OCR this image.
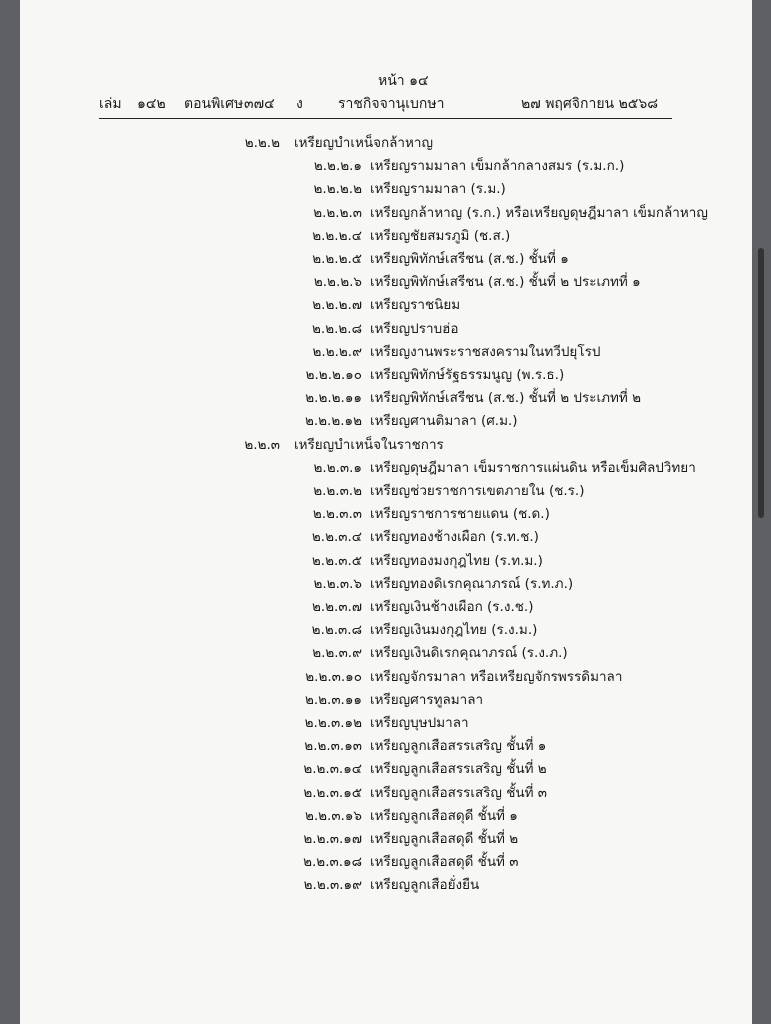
หน้า ๑๔
เล่ม ๑๔๒ ตอนพิเศษ ๓๗๔ ง	ราชกิจจานุเบกษา	๒๗ พฤศจิกายน ๒๕๖๘
๒.๒.๒ เหรียญบำเหน็จกล้าหาญ
๒.๒.๒.๑ เหรียญรามมาลา เข็มกล้ากลางสมร (ร.ม.ก.)
๒.๒.๒.๒ เหรียญรามมาลา (ร.ม.)
๒.๒.๒.๓ เหรียญกล้าหาญ (ร.ก.) หรือเหรียญดุษฎีมาลา เข็มกล้าหาญ
๒.๒.๒.๔ เหรียญชัยสมรภูมิ (ช.ส.)
๒.๒.๒.๕ เหรียญพิทักษ์เสรีชน (ส.ช.) ชั้นที่ ๑
๒.๒.๒.๖ เหรียญพิทักษ์เสรีชน (ส.ช.) ชั้นที่ ๒ ประเภทที่ ๑
๒.๒.๒.๗ เหรียญราชนิยม
๒.๒.๒.๘ เหรียญปราบฮ่อ
๒.๒.๒.๙ เหรียญงานพระราชสงครามในทวีปยุโรป
๒.๒.๒.๑๐ เหรียญพิทักษ์รัฐธรรมนูญ (พ.ร.ธ.)
๒.๒.๒.๑๑ เหรียญพิทักษ์เสรีชน (ส.ช.) ชั้นที่ ๒ ประเภทที่ ๒
๒.๒.๒.๑๒ เหรียญศานติมาลา (ศ.ม.)
๒.๒.๓ เหรียญบำเหน็จในราชการ
๒.๒.๓.๑ เหรียญดุษฎีมาลา เข็มราชการแผ่นดิน หรือเข็มศิลปวิทยา
๒.๒.๓.๒ เหรียญช่วยราชการเขตภายใน (ช.ร.)
๒.๒.๓.๓ เหรียญราชการชายแดน (ช.ด.)
๒.๒.๓.๔ เหรียญทองช้างเผือก (ร.ท.ช.)
๒.๒.๓.๕ เหรียญทองมงกุฎไทย (ร.ท.ม.)
๒.๒.๓.๖ เหรียญทองดิเรกคุณาภรณ์ (ร.ท.ภ.)
๒.๒.๓.๗ เหรียญเงินช้างเผือก (ร.ง.ช.)
๒.๒.๓.๘ เหรียญเงินมงกุฎไทย (ร.ง.ม.)
๒.๒.๓.๙ เหรียญเงินดิเรกคุณาภรณ์ (ร.ง.ภ.)
๒.๒.๓.๑๐ เหรียญจักรมาลา หรือเหรียญจักรพรรดิมาลา
๒.๒.๓.๑๑ เหรียญศารทูลมาลา
๒.๒.๓.๑๒ เหรียญบุษปมาลา
๒.๒.๓.๑๓ เหรียญลูกเสือสรรเสริญ ชั้นที่ ๑
๒.๒.๓.๑๔ เหรียญลูกเสือสรรเสริญ ชั้นที่ ๒
๒.๒.๓.๑๕ เหรียญลูกเสือสรรเสริญ ชั้นที่ ๓
๒.๒.๓.๑๖ เหรียญลูกเสือสดุดี ชั้นที่ ๑
๒.๒.๓.๑๗ เหรียญลูกเสือสดุดี ชั้นที่ ๒
๒.๒.๓.๑๘ เหรียญลูกเสือสดุดี ชั้นที่ ๓
๒.๒.๓.๑๙ เหรียญลูกเสือยั่งยืน
